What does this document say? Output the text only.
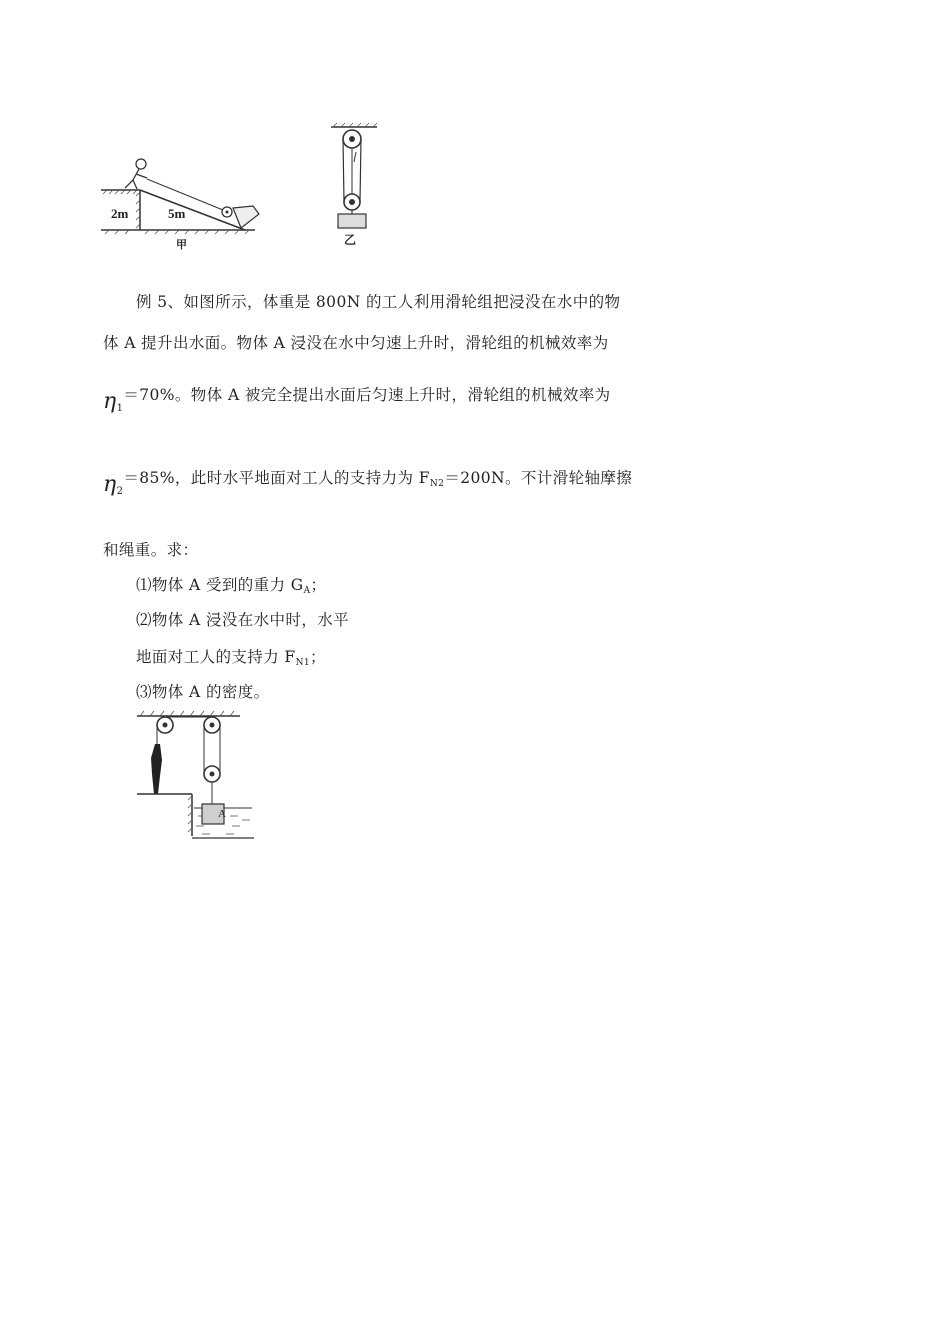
2m	5m
甲	乙
例 5、如图所示，体重是 800N 的工人利用滑轮组把浸没在水中的物
体 A 提升出水面。物体 A 浸没在水中匀速上升时，滑轮组的机械效率为
$\eta_1=70\%$。物体 A 被完全提出水面后匀速上升时，滑轮组的机械效率为
$\eta_2=85\%$，此时水平地面对工人的支持力为 FN2＝200N。不计滑轮轴摩擦
和绳重。求：
⑴物体 A 受到的重力 GA；
⑵物体 A 浸没在水中时，水平
地面对工人的支持力 FN1；
⑶物体 A 的密度。
A
